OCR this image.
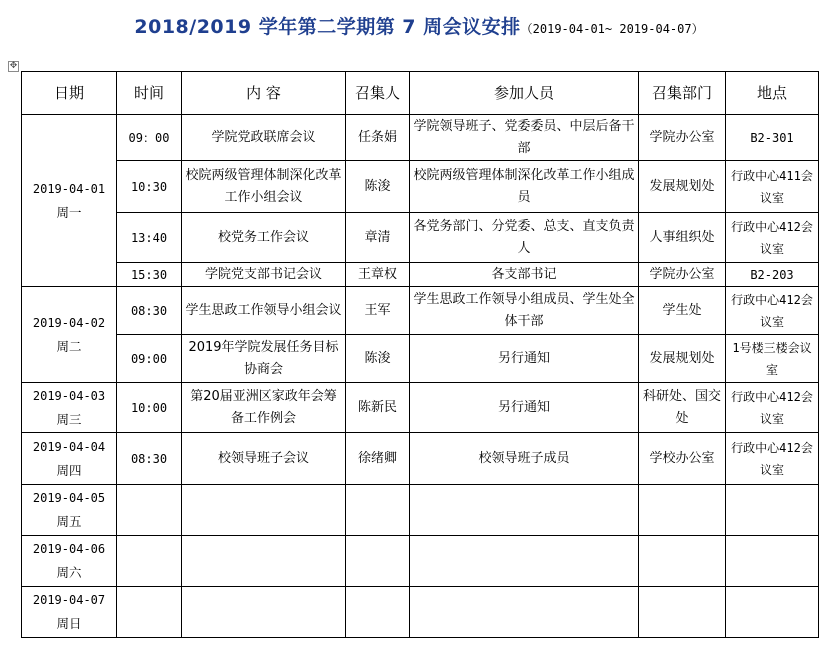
2018/2019 学年第二学期第 7 周会议安排（2019-04-01~ 2019-04-07）
✥
日期	时间	内 容	召集人	参加人员	召集部门	地点

2019-04-01
周一	09：00	学院党政联席会议	任条娟	学院领导班子、党委委员、中层后备干部	学院办公室	B2-301
	10:30	校院两级管理体制深化改革工作小组会议	陈浚	校院两级管理体制深化改革工作小组成员	发展规划处	行政中心411会议室
	13:40	校党务工作会议	章清	各党务部门、分党委、总支、直支负责人	人事组织处	行政中心412会议室
	15:30	学院党支部书记会议	王章权	各支部书记	学院办公室	B2-203

2019-04-02
周二	08:30	学生思政工作领导小组会议	王军	学生思政工作领导小组成员、学生处全体干部	学生处	行政中心412会议室
	09:00	2019年学院发展任务目标协商会	陈浚	另行通知	发展规划处	1号楼三楼会议室

2019-04-03
周三	10:00	第20届亚洲区家政年会筹备工作例会	陈新民	另行通知	科研处、国交处	行政中心412会议室

2019-04-04
周四	08:30	校领导班子会议	徐绪卿	校领导班子成员	学校办公室	行政中心412会议室

2019-04-05
周五						

2019-04-06
周六						

2019-04-07
周日						
